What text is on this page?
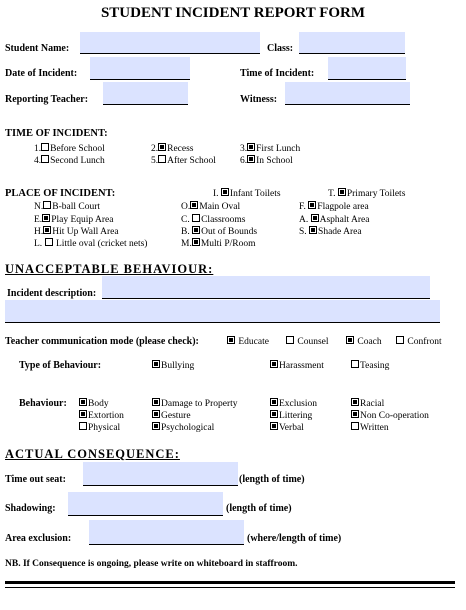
STUDENT INCIDENT REPORT FORM
Student Name:	Class:
Date of Incident:	Time of Incident:
Reporting Teacher:	Witness:
TIME OF INCIDENT:
1. Before School	2. Recess	3. First Lunch
4. Second Lunch	5. After School	6. In School
PLACE OF INCIDENT:	I. Infant Toilets	T. Primary Toilets
N. B-ball Court	O. Main Oval	F. Flagpole area
E. Play Equip Area	C. Classrooms	A. Asphalt Area
H. Hit Up Wall Area	B. Out of Bounds	S. Shade Area
L. Little oval (cricket nets)	M. Multi P/Room
UNACCEPTABLE BEHAVIOUR:
Incident description:
Teacher communication mode (please check):	Educate	Counsel	Coach	Confront
Type of Behaviour:	Bullying	Harassment	Teasing
Behaviour:	Body	Damage to Property	Exclusion	Racial
Extortion	Gesture	Littering	Non Co-operation
Physical	Psychological	Verbal	Written
ACTUAL CONSEQUENCE:
Time out seat:	(length of time)
Shadowing:	(length of time)
Area exclusion:	(where/length of time)
NB. If Consequence is ongoing, please write on whiteboard in staffroom.
